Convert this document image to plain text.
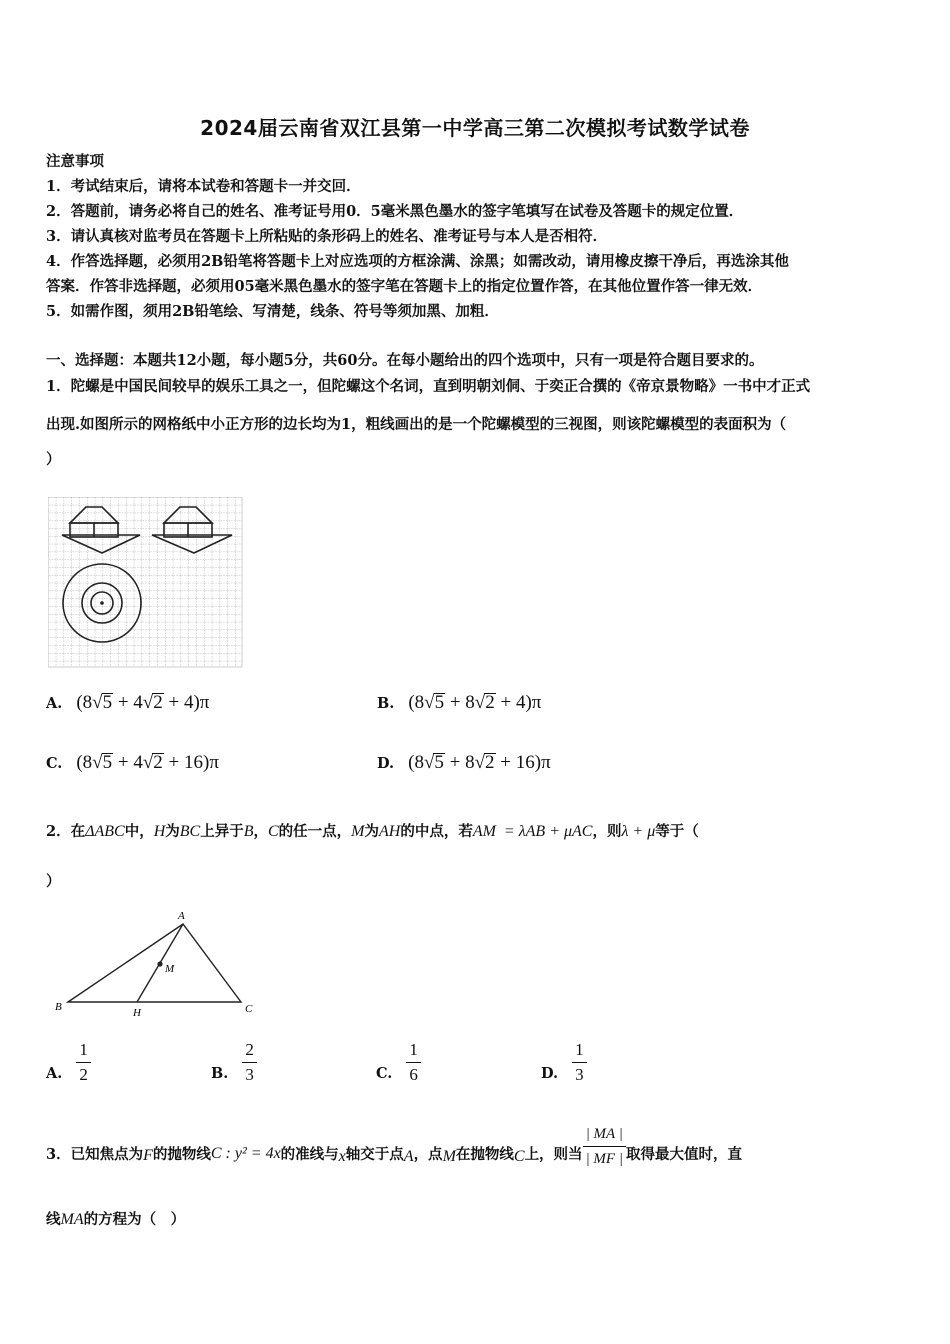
2024届云南省双江县第一中学高三第二次模拟考试数学试卷
注意事项
1．考试结束后，请将本试卷和答题卡一并交回．
2．答题前，请务必将自己的姓名、准考证号用0．5毫米黑色墨水的签字笔填写在试卷及答题卡的规定位置．
3．请认真核对监考员在答题卡上所粘贴的条形码上的姓名、准考证号与本人是否相符．
4．作答选择题，必须用2B铅笔将答题卡上对应选项的方框涂满、涂黑；如需改动，请用橡皮擦干净后，再选涂其他
答案．作答非选择题，必须用05毫米黑色墨水的签字笔在答题卡上的指定位置作答，在其他位置作答一律无效．
5．如需作图，须用2B铅笔绘、写清楚，线条、符号等须加黑、加粗．
一、选择题：本题共12小题，每小题5分，共60分。在每小题给出的四个选项中，只有一项是符合题目要求的。
1．陀螺是中国民间较早的娱乐工具之一，但陀螺这个名词，直到明朝刘侗、于奕正合撰的《帝京景物略》一书中才正式
出现.如图所示的网格纸中小正方形的边长均为1，粗线画出的是一个陀螺模型的三视图，则该陀螺模型的表面积为（
）
A. (8√5 + 4√2 + 4)π	B. (8√5 + 8√2 + 4)π
C. (8√5 + 4√2 + 16)π	D. (8√5 + 8√2 + 16)π
2．在ΔABC中，H为BC上异于B，C的任一点，M为AH的中点，若AM  = λAB + μAC，则λ + μ等于（
）
A
B	C
H
M
A. $\frac{1}{2}$	B. $\frac{2}{3}$	C. $\frac{1}{6}$	D. $\frac{1}{3}$
3．已知焦点为 F 的抛物线 C : y² = 4x 的准线与 x 轴交于点 A ，点 M 在抛物线 C 上，则当 $\frac{| MA |}{| MF |}$ 取得最大值时，直
线MA的方程为（　）
